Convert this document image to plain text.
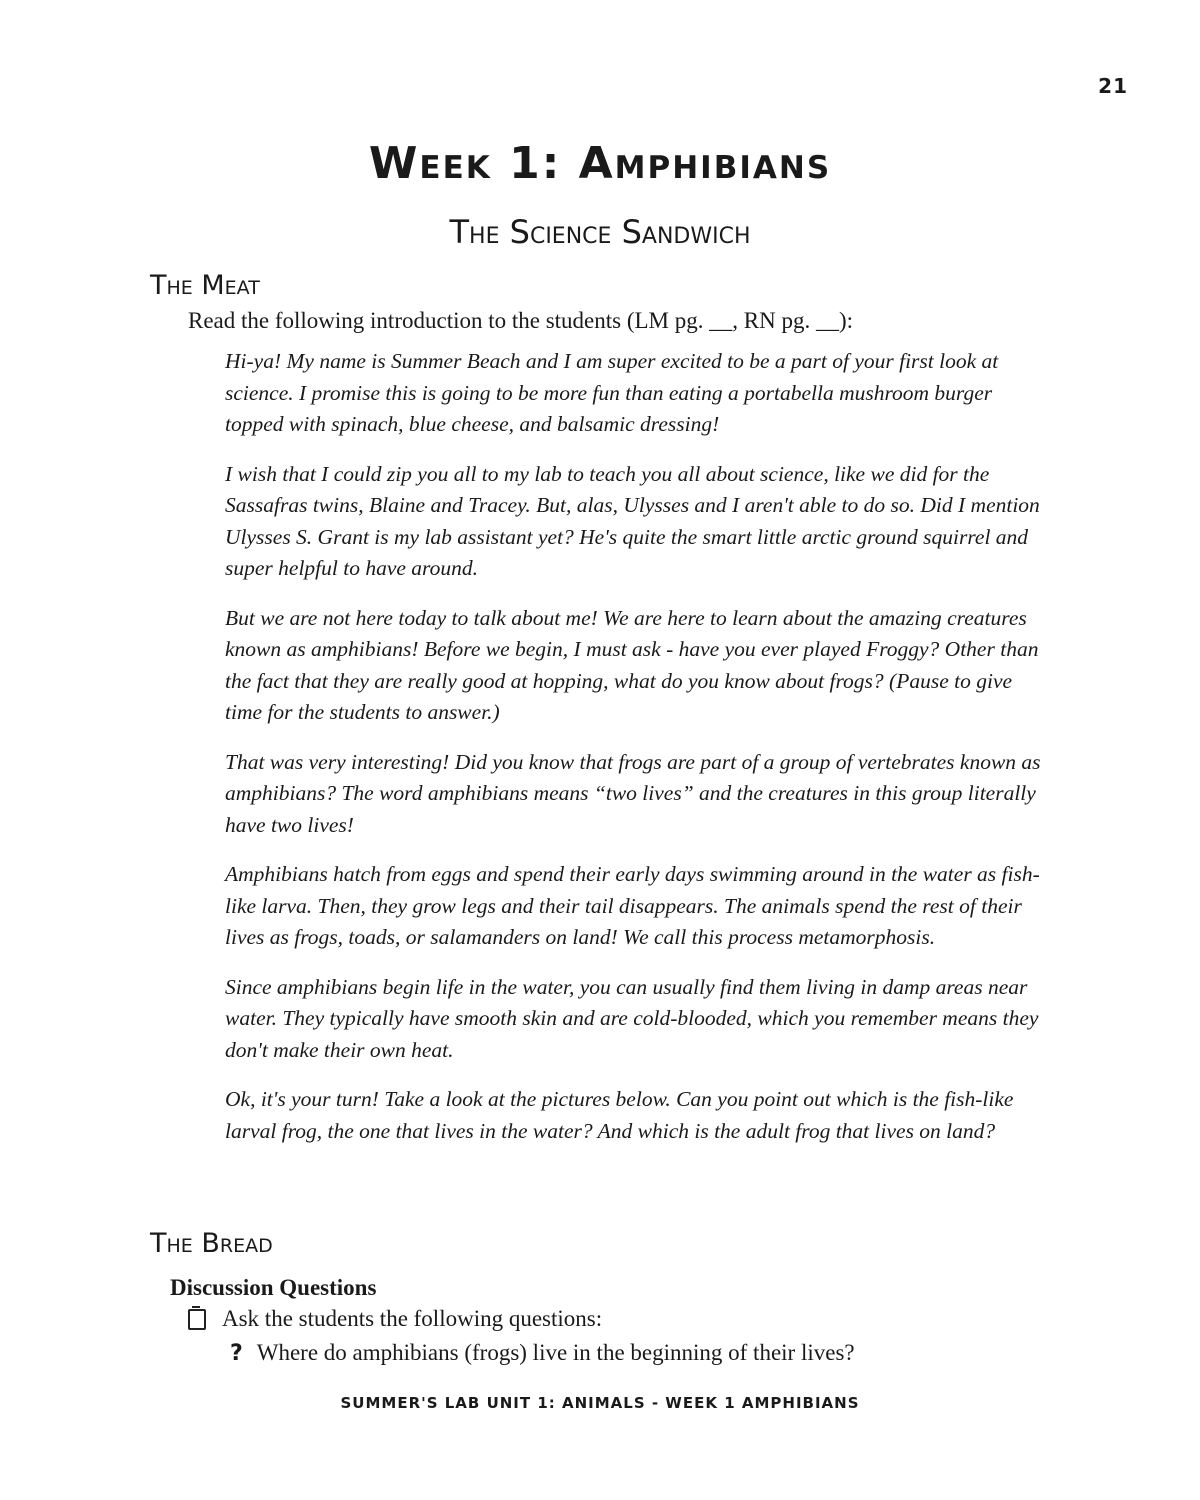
21
Week 1: Amphibians
The Science Sandwich
The Meat

Read the following introduction to the students (LM pg. __, RN pg. __):

Hi-ya! My name is Summer Beach and I am super excited to be a part of your first look at science. I promise this is going to be more fun than eating a portabella mushroom burger topped with spinach, blue cheese, and balsamic dressing!

I wish that I could zip you all to my lab to teach you all about science, like we did for the Sassafras twins, Blaine and Tracey. But, alas, Ulysses and I aren't able to do so. Did I mention Ulysses S. Grant is my lab assistant yet? He's quite the smart little arctic ground squirrel and super helpful to have around.

But we are not here today to talk about me! We are here to learn about the amazing creatures known as amphibians! Before we begin, I must ask - have you ever played Froggy? Other than the fact that they are really good at hopping, what do you know about frogs? (Pause to give time for the students to answer.)

That was very interesting! Did you know that frogs are part of a group of vertebrates known as amphibians? The word amphibians means “two lives” and the creatures in this group literally have two lives!

Amphibians hatch from eggs and spend their early days swimming around in the water as fish-like larva. Then, they grow legs and their tail disappears. The animals spend the rest of their lives as frogs, toads, or salamanders on land! We call this process metamorphosis.

Since amphibians begin life in the water, you can usually find them living in damp areas near water. They typically have smooth skin and are cold-blooded, which you remember means they don't make their own heat.

Ok, it's your turn! Take a look at the pictures below. Can you point out which is the fish-like larval frog, the one that lives in the water? And which is the adult frog that lives on land?

The Bread
Discussion Questions
Ask the students the following questions:
? Where do amphibians (frogs) live in the beginning of their lives?
SUMMER'S LAB UNIT 1: ANIMALS - WEEK 1 AMPHIBIANS
